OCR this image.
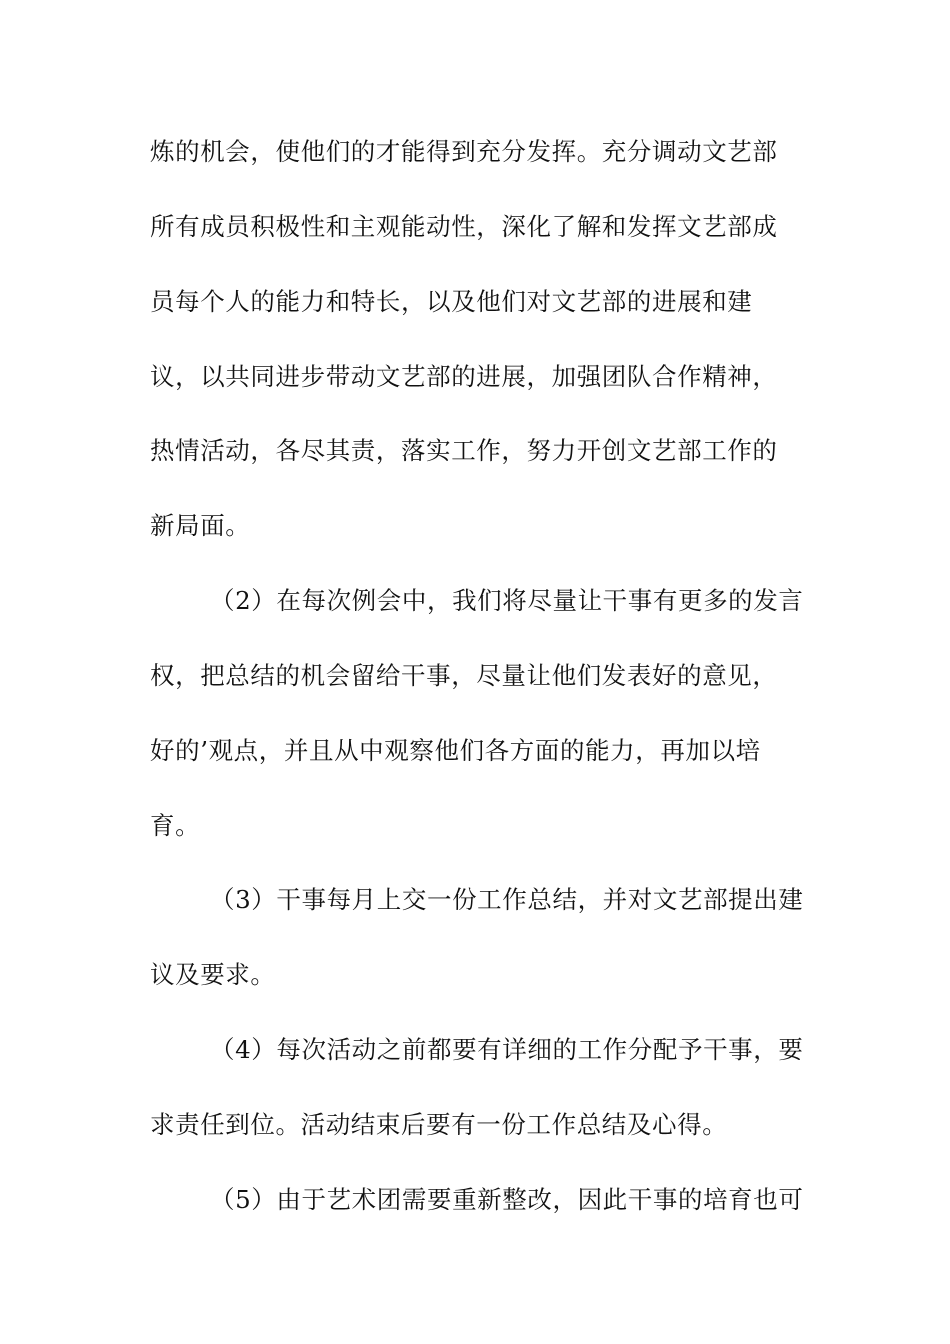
炼的机会，使他们的才能得到充分发挥。充分调动文艺部
所有成员积极性和主观能动性，深化了解和发挥文艺部成
员每个人的能力和特长，以及他们对文艺部的进展和建
议，以共同进步带动文艺部的进展，加强团队合作精神，
热情活动，各尽其责，落实工作，努力开创文艺部工作的
新局面。
（2）在每次例会中，我们将尽量让干事有更多的发言
权，把总结的机会留给干事，尽量让他们发表好的意见，
好的’观点，并且从中观察他们各方面的能力，再加以培
育。
（3）干事每月上交一份工作总结，并对文艺部提出建
议及要求。
（4）每次活动之前都要有详细的工作分配予干事，要
求责任到位。活动结束后要有一份工作总结及心得。
（5）由于艺术团需要重新整改，因此干事的培育也可
